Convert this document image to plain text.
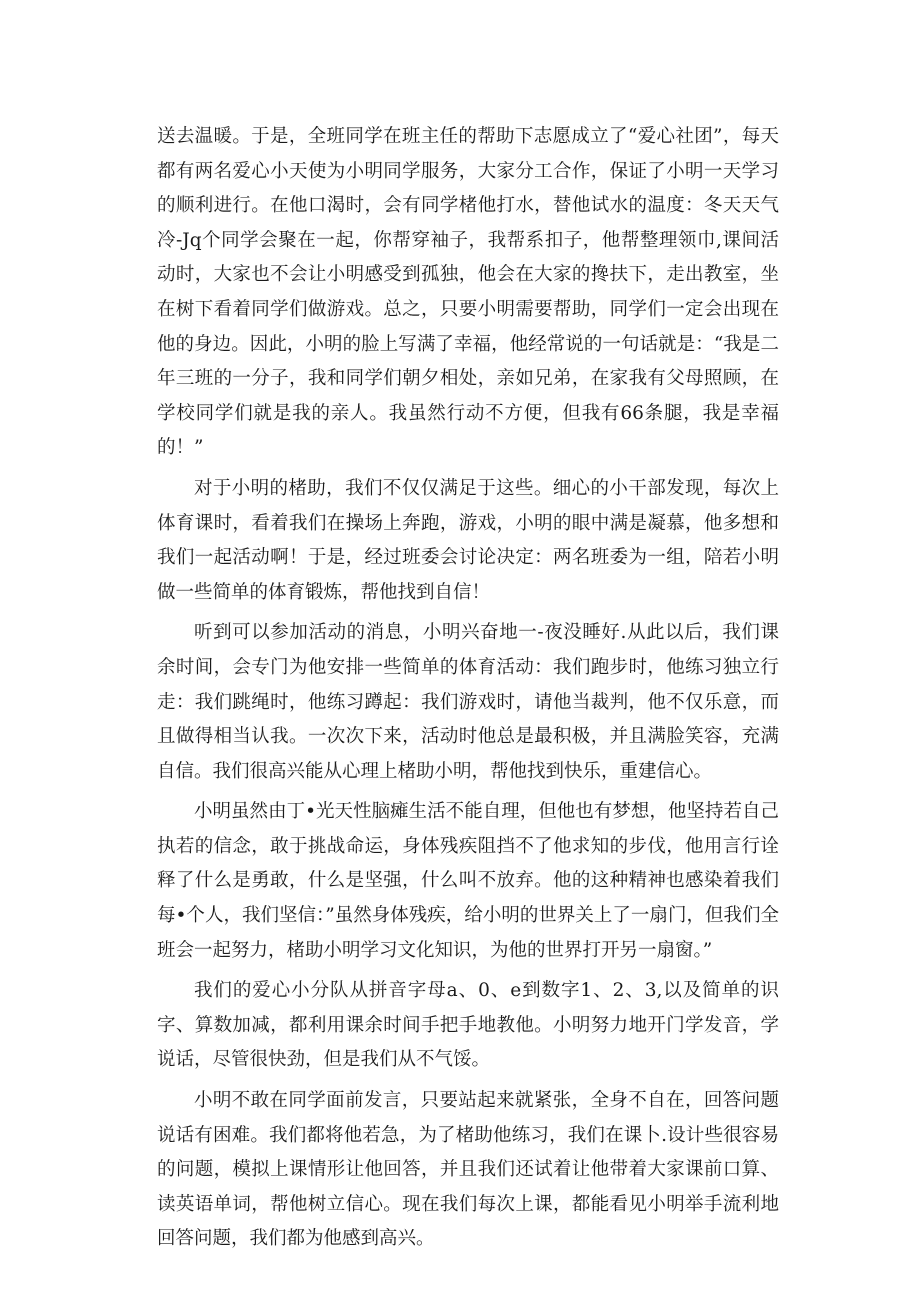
送去温暖。于是，全班同学在班主任的帮助下志愿成立了“爱心社团”，每天都有两名爱心小天使为小明同学服务，大家分工合作，保证了小明一天学习的顺利进行。在他口渴时，会有同学楮他打水，替他试水的温度：冬天天气冷-Jq个同学会聚在一起，你帮穿袖子，我帮系扣子，他帮整理领巾,课间活动时，大家也不会让小明感受到孤独，他会在大家的搀扶下，走出教室，坐在树下看着同学们做游戏。总之，只要小明需要帮助，同学们一定会出现在他的身边。因此，小明的脸上写满了幸福，他经常说的一句话就是：“我是二年三班的一分子，我和同学们朝夕相处，亲如兄弟，在家我有父母照顾，在学校同学们就是我的亲人。我虽然行动不方便，但我有66条腿，我是幸福的！”

对于小明的楮助，我们不仅仅满足于这些。细心的小干部发现，每次上体育课时，看着我们在操场上奔跑，游戏，小明的眼中满是凝慕，他多想和我们一起活动啊！于是，经过班委会讨论决定：两名班委为一组，陪若小明做一些简单的体育锻炼，帮他找到自信！

听到可以参加活动的消息，小明兴奋地一-夜没睡好.从此以后，我们课余时间，会专门为他安排一些简单的体育活动：我们跑步时，他练习独立行走：我们跳绳时，他练习蹲起：我们游戏时，请他当裁判，他不仅乐意，而且做得相当认我。一次次下来，活动时他总是最积极，并且满脸笑容，充满自信。我们很高兴能从心理上楮助小明，帮他找到快乐，重建信心。

小明虽然由丁•光天性脑瘫生活不能自理，但他也有梦想，他坚持若自己执若的信念，敢于挑战命运，身体残疾阻挡不了他求知的步伐，他用言行诠释了什么是勇敢，什么是坚强，什么叫不放弃。他的这种精神也感染着我们每•个人，我们坚信：”虽然身体残疾，给小明的世界关上了一扇门，但我们全班会一起努力，楮助小明学习文化知识，为他的世界打开另一扇窗。”

我们的爱心小分队从拼音字母a、0、e到数字1、2、3,以及简单的识字、算数加减，都利用课余时间手把手地教他。小明努力地开门学发音，学说话，尽管很快劲，但是我们从不气馁。

小明不敢在同学面前发言，只要站起来就紧张，全身不自在，回答问题说话有困难。我们都将他若急，为了楮助他练习，我们在课卜.设计些很容易的问题，模拟上课情形让他回答，并且我们还试着让他带着大家课前口算、读英语单词，帮他树立信心。现在我们每次上课，都能看见小明举手流利地回答问题，我们都为他感到高兴。
